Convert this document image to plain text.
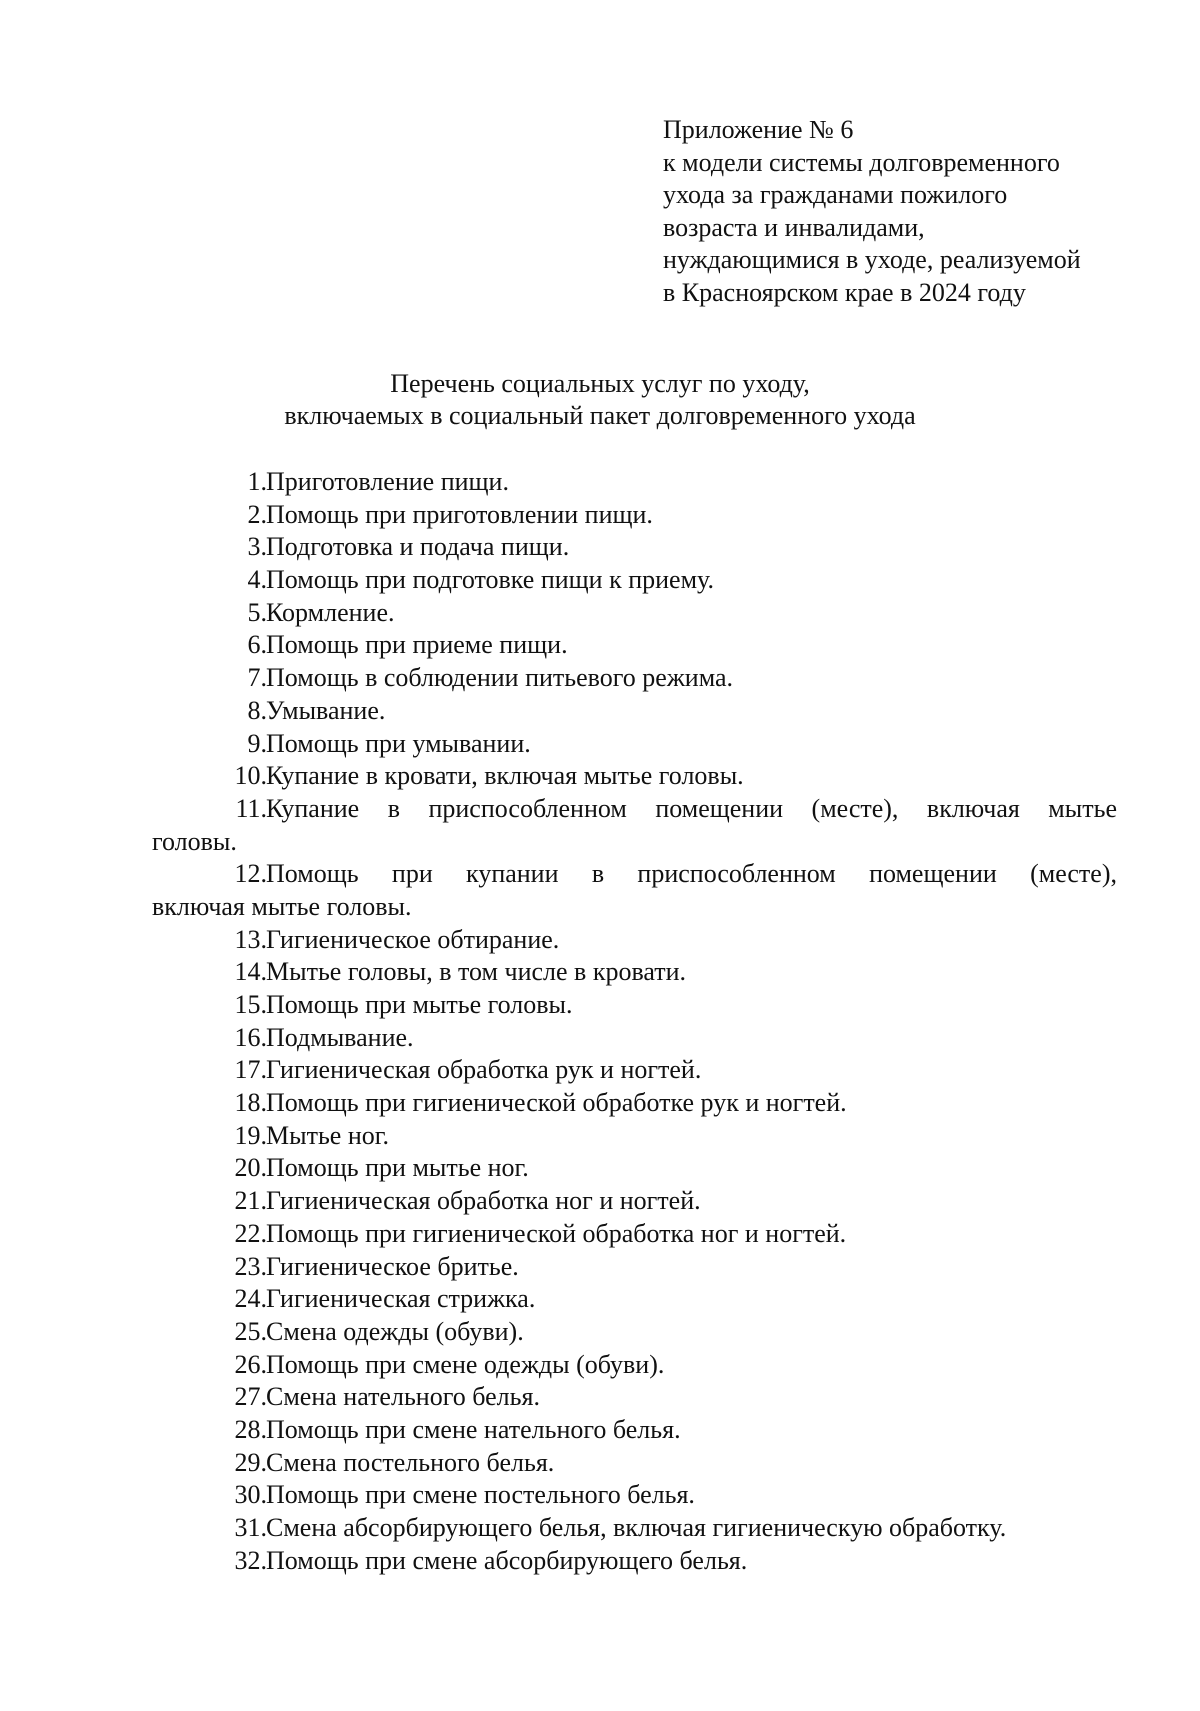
Приложение № 6
к модели системы долговременного
ухода за гражданами пожилого
возраста и инвалидами,
нуждающимися в уходе, реализуемой
в Красноярском крае в 2024 году
Перечень социальных услуг по уходу,
включаемых в социальный пакет долговременного ухода
1. Приготовление пищи.
2. Помощь при приготовлении пищи.
3. Подготовка и подача пищи.
4. Помощь при подготовке пищи к приему.
5. Кормление.
6. Помощь при приеме пищи.
7. Помощь в соблюдении питьевого режима.
8. Умывание.
9. Помощь при умывании.
10. Купание в кровати, включая мытье головы.
11. Купание в приспособленном помещении (месте), включая мытье
головы.
12. Помощь при купании в приспособленном помещении (месте),
включая мытье головы.
13. Гигиеническое обтирание.
14. Мытье головы, в том числе в кровати.
15. Помощь при мытье головы.
16. Подмывание.
17. Гигиеническая обработка рук и ногтей.
18. Помощь при гигиенической обработке рук и ногтей.
19. Мытье ног.
20. Помощь при мытье ног.
21. Гигиеническая обработка ног и ногтей.
22. Помощь при гигиенической обработка ног и ногтей.
23. Гигиеническое бритье.
24. Гигиеническая стрижка.
25. Смена одежды (обуви).
26. Помощь при смене одежды (обуви).
27. Смена нательного белья.
28. Помощь при смене нательного белья.
29. Смена постельного белья.
30. Помощь при смене постельного белья.
31. Смена абсорбирующего белья, включая гигиеническую обработку.
32. Помощь при смене абсорбирующего белья.
